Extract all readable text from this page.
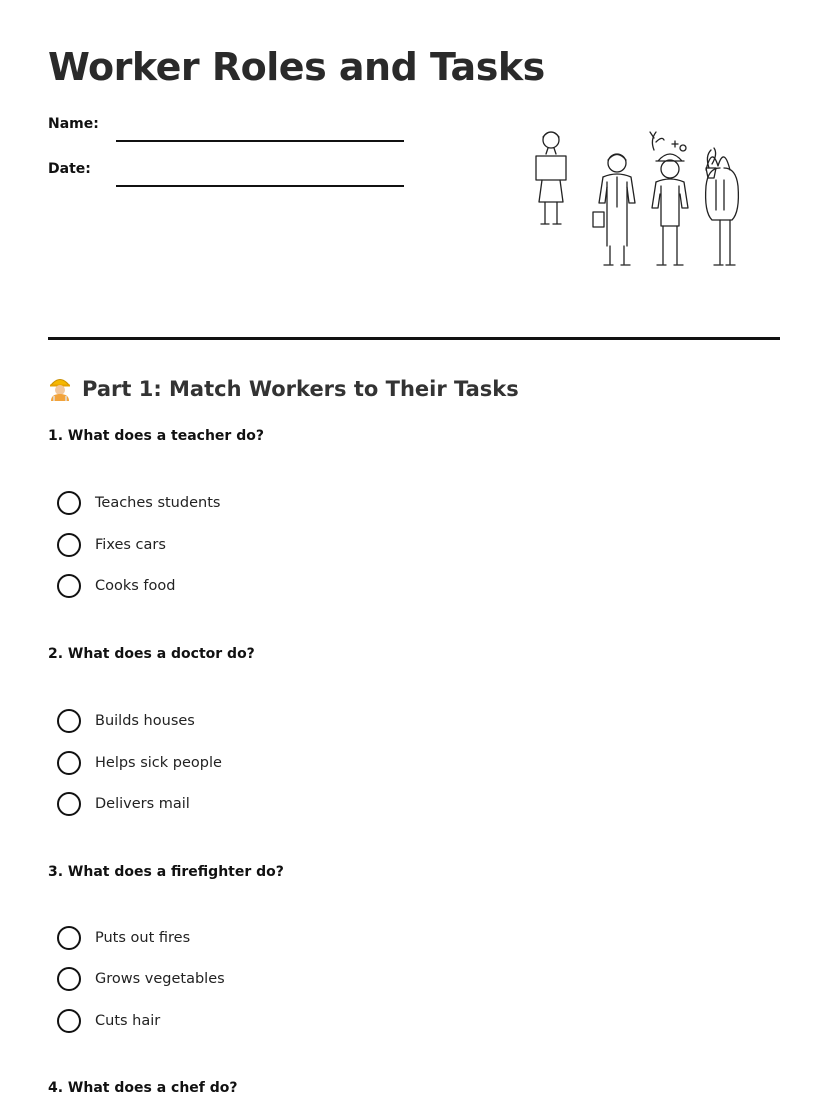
Worker Roles and Tasks
Name:
Date:
Part 1: Match Workers to Their Tasks

1. What does a teacher do?

Teaches students
Fixes cars
Cooks food

2. What does a doctor do?

Builds houses
Helps sick people
Delivers mail

3. What does a firefighter do?

Puts out fires
Grows vegetables
Cuts hair

4. What does a chef do?
